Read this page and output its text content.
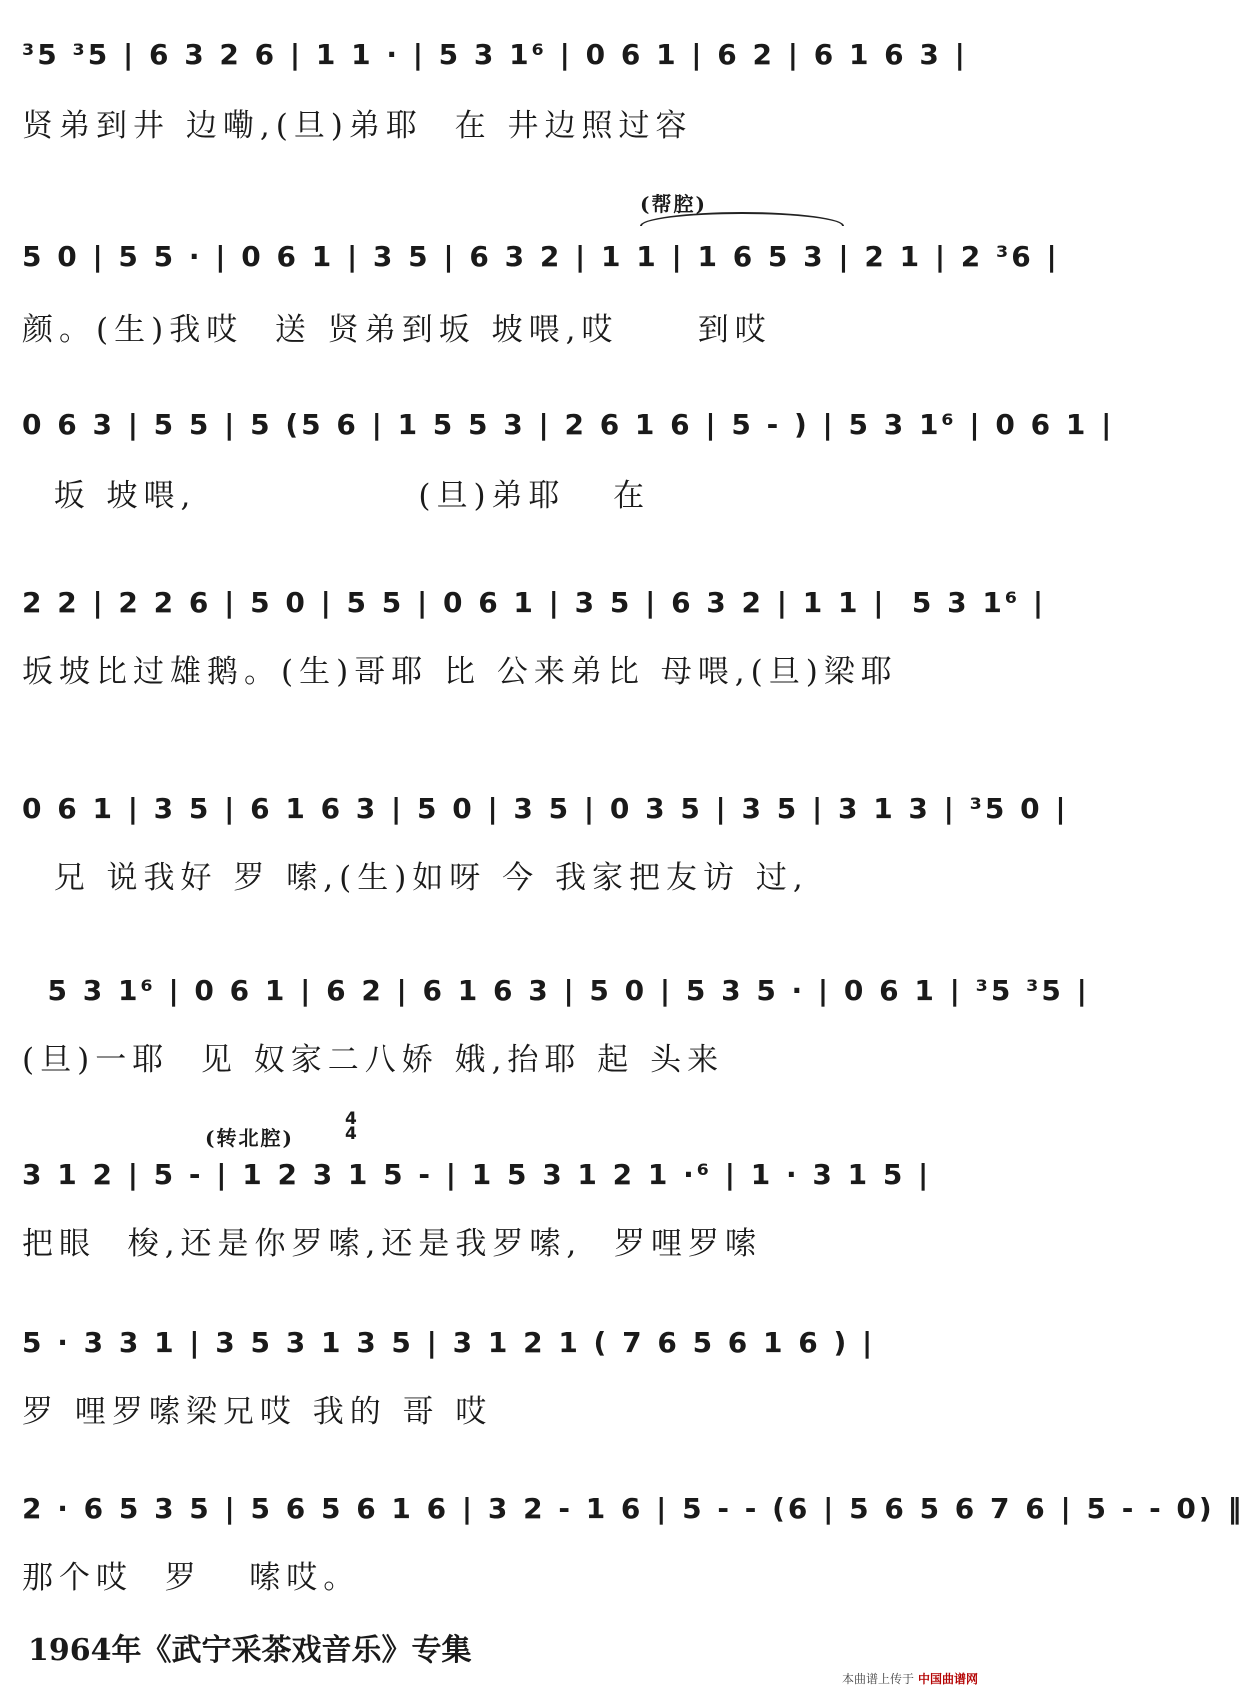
³5 ³5 | 6 3 2 6 | 1 1 · | 5 3 1⁶ | 0 6 1 | 6 2 | 6 1 6 3 |
贤弟到井 边嘞,(旦)弟耶  在 井边照过容
(帮腔)
5 0 | 5 5 · | 0 6 1 | 3 5 | 6 3 2 | 1 1 | 1 6 5 3 | 2 1 | 2 ³6 |
颜。(生)我哎  送 贤弟到坂 坡喂,哎     到哎
0 6 3 | 5 5 | 5 (5 6 | 1 5 5 3 | 2 6 1 6 | 5 - ) | 5 3 1⁶ | 0 6 1 |
坂 坡喂,              (旦)弟耶   在
2 2 | 2 2 6 | 5 0 | 5 5 | 0 6 1 | 3 5 | 6 3 2 | 1 1 |  5 3 1⁶ |
坂坡比过雄鹅。(生)哥耶 比 公来弟比 母喂,(旦)梁耶
0 6 1 | 3 5 | 6 1 6 3 | 5 0 | 3 5 | 0 3 5 | 3 5 | 3 1 3 | ³5 0 |
兄 说我好 罗 嗦,(生)如呀 今 我家把友访 过,
5 3 1⁶ | 0 6 1 | 6 2 | 6 1 6 3 | 5 0 | 5 3 5 · | 0 6 1 | ³5 ³5 |
(旦)一耶  见 奴家二八娇 娥,抬耶 起 头来
(转北腔)
4
4
3 1 2 | 5 - | 1 2 3 1 5 - | 1 5 3 1 2 1 ·⁶ | 1 · 3 1 5 |
把眼  梭,还是你罗嗦,还是我罗嗦,  罗哩罗嗦
5 · 3 3 1 | 3 5 3 1 3 5 | 3 1 2 1 ( 7 6 5 6 1 6 ) |
罗 哩罗嗦梁兄哎 我的 哥 哎
2 · 6 5 3 5 | 5 6 5 6 1 6 | 3 2 - 1 6 | 5 - - (6 | 5 6 5 6 7 6 | 5 - - 0) ‖
那个哎  罗   嗦哎。
1964年《武宁采茶戏音乐》专集
本曲谱上传于 中国曲谱网
